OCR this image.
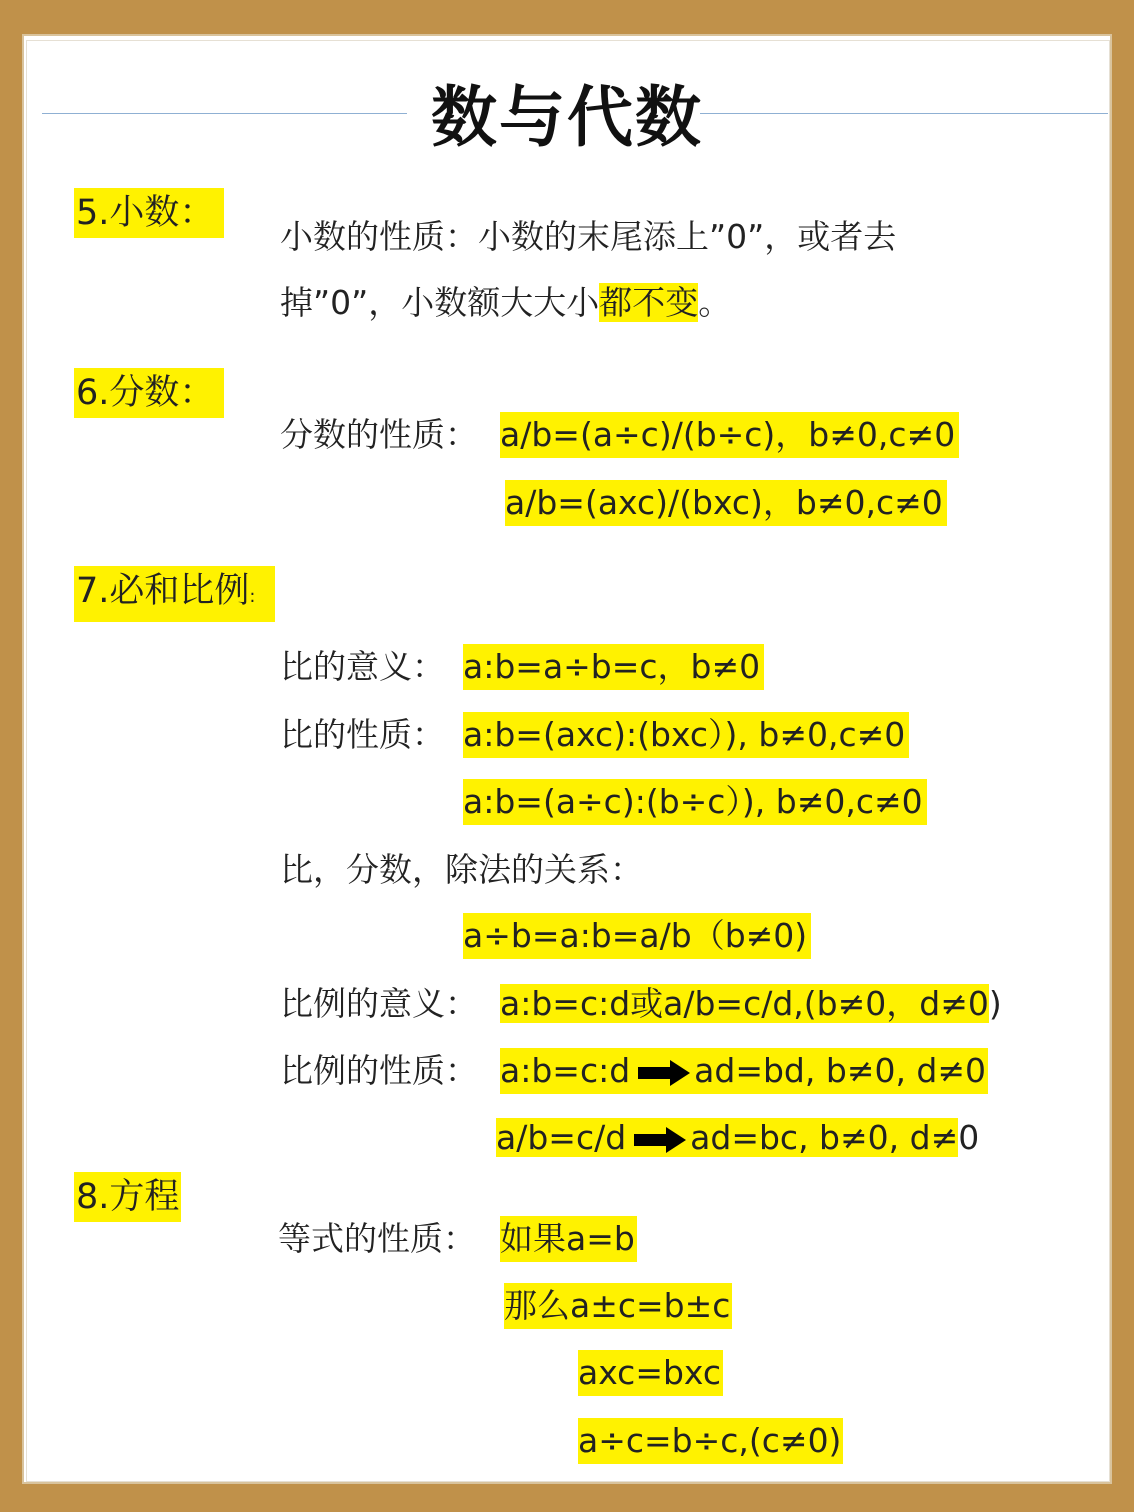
数与代数
5.小数：
小数的性质：小数的末尾添上”0”，或者去
掉”0”，小数额大大小都不变。
6.分数：
分数的性质： a/b=(a÷c)/(b÷c)，b≠0,c≠0
a/b=(axc)/(bxc)，b≠0,c≠0
7.必和比例:
比的意义： a:b=a÷b=c，b≠0
比的性质： a:b=(axc):(bxc）), b≠0,c≠0
a:b=(a÷c):(b÷c）), b≠0,c≠0
比，分数，除法的关系：
a÷b=a:b=a/b（b≠0)
比例的意义： a:b=c:d或a/b=c/d,(b≠0，d≠0)
比例的性质： a:b=c:d ad=bd, b≠0, d≠0
a/b=c/d ad=bc, b≠0, d≠0
8.方程
等式的性质： 如果a=b
那么a±c=b±c
axc=bxc
a÷c=b÷c,(c≠0)
